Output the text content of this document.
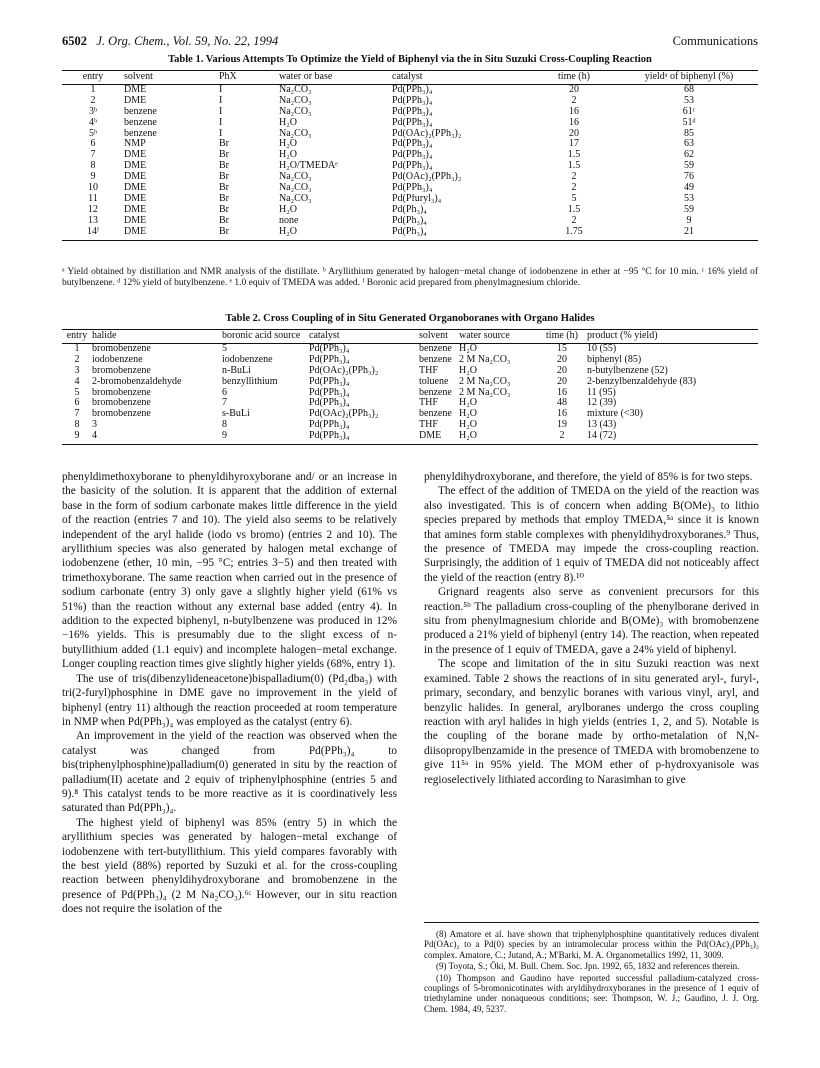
6502 J. Org. Chem., Vol. 59, No. 22, 1994	Communications
Table 1. Various Attempts To Optimize the Yield of Biphenyl via the in Situ Suzuki Cross-Coupling Reaction
entry	solvent	PhX	water or base	catalyst	time (h)	yieldᵃ of biphenyl (%)
1	DME	I	Na₂CO₃	Pd(PPh₃)₄	20	68
2	DME	I	Na₂CO₃	Pd(PPh₃)₄	2	53
3ᵇ	benzene	I	Na₂CO₃	Pd(PPh₃)₄	16	61ᶜ
4ᵇ	benzene	I	H₂O	Pd(PPh₃)₄	16	51ᵈ
5ᵇ	benzene	I	Na₂CO₃	Pd(OAc)₂(PPh₃)₂	20	85
6	NMP	Br	H₂O	Pd(PPh₃)₄	17	63
7	DME	Br	H₂O	Pd(PPh₃)₄	1.5	62
8	DME	Br	H₂O/TMEDAᵉ	Pd(PPh₃)₄	1.5	59
9	DME	Br	Na₂CO₃	Pd(OAc)₂(PPh₃)₂	2	76
10	DME	Br	Na₂CO₃	Pd(PPh₃)₄	2	49
11	DME	Br	Na₂CO₃	Pd(Pfuryl₃)₄	5	53
12	DME	Br	H₂O	Pd(Ph₃)₄	1.5	59
13	DME	Br	none	Pd(Ph₃)₄	2	9
14ᶠ	DME	Br	H₂O	Pd(Ph₃)₄	1.75	21
ᵃ Yield obtained by distillation and NMR analysis of the distillate. ᵇ Aryllithium generated by halogen−metal change of iodobenzene in ether at −95 °C for 10 min. ᶜ 16% yield of butylbenzene. ᵈ 12% yield of butylbenzene. ᵉ 1.0 equiv of TMEDA was added. ᶠ Boronic acid prepared from phenylmagnesium chloride.
Table 2. Cross Coupling of in Situ Generated Organoboranes with Organo Halides
entry	halide	boronic acid source	catalyst	solvent	water source	time (h)	product (% yield)
1	bromobenzene	5	Pd(PPh₃)₄	benzene	H₂O	15	10 (55)
2	iodobenzene	iodobenzene	Pd(PPh₃)₄	benzene	2 M Na₂CO₃	20	biphenyl (85)
3	bromobenzene	n-BuLi	Pd(OAc)₂(PPh₃)₂	THF	H₂O	20	n-butylbenzene (52)
4	2-bromobenzaldehyde	benzyllithium	Pd(PPh₃)₄	toluene	2 M Na₂CO₃	20	2-benzylbenzaldehyde (83)
5	bromobenzene	6	Pd(PPh₃)₄	benzene	2 M Na₂CO₃	16	11 (95)
6	bromobenzene	7	Pd(PPh₃)₄	THF	H₂O	48	12 (39)
7	bromobenzene	s-BuLi	Pd(OAc)₂(PPh₃)₂	benzene	H₂O	16	mixture (<30)
8	3	8	Pd(PPh₃)₄	THF	H₂O	19	13 (43)
9	4	9	Pd(PPh₃)₄	DME	H₂O	2	14 (72)

phenyldimethoxyborane to phenyldihyroxyborane and/ or an increase in the basicity of the solution. It is apparent that the addition of external base in the form of sodium carbonate makes little difference in the yield of the reaction (entries 7 and 10). The yield also seems to be relatively independent of the aryl halide (iodo vs bromo) (entries 2 and 10). The aryllithium species was also generated by halogen metal exchange of iodobenzene (ether, 10 min, −95 °C; entries 3−5) and then treated with trimethoxyborane. The same reaction when carried out in the presence of sodium carbonate (entry 3) only gave a slightly higher yield (61% vs 51%) than the reaction without any external base added (entry 4). In addition to the expected biphenyl, n-butylbenzene was produced in 12%−16% yields. This is presumably due to the slight excess of n-butyllithium added (1.1 equiv) and incomplete halogen−metal exchange. Longer coupling reaction times give slightly higher yields (68%, entry 1).

The use of tris(dibenzylideneacetone)bispalladium(0) (Pd₂dba₃) with tri(2-furyl)phosphine in DME gave no improvement in the yield of biphenyl (entry 11) although the reaction proceeded at room temperature in NMP when Pd(PPh₃)₄ was employed as the catalyst (entry 6).

An improvement in the yield of the reaction was observed when the catalyst was changed from Pd(PPh₃)₄ to bis(triphenylphosphine)palladium(0) generated in situ by the reaction of palladium(II) acetate and 2 equiv of triphenylphosphine (entries 5 and 9).⁸ This catalyst tends to be more reactive as it is coordinatively less saturated than Pd(PPh₃)₄.

The highest yield of biphenyl was 85% (entry 5) in which the aryllithium species was generated by halogen−metal exchange of iodobenzene with tert-butyllithium. This yield compares favorably with the best yield (88%) reported by Suzuki et al. for the cross-coupling reaction between phenyldihydroxyborane and bromobenzene in the presence of Pd(PPh₃)₄ (2 M Na₂CO₃).⁶ᶜ However, our in situ reaction does not require the isolation of the

phenyldihydroxyborane, and therefore, the yield of 85% is for two steps.

The effect of the addition of TMEDA on the yield of the reaction was also investigated. This is of concern when adding B(OMe)₃ to lithio species prepared by methods that employ TMEDA,⁵ᵃ since it is known that amines form stable complexes with phenyldihydroxyboranes.⁹ Thus, the presence of TMEDA may impede the cross-coupling reaction. Surprisingly, the addition of 1 equiv of TMEDA did not noticeably affect the yield of the reaction (entry 8).¹⁰

Grignard reagents also serve as convenient precursors for this reaction.⁵ᵇ The palladium cross-coupling of the phenylborane derived in situ from phenylmagnesium chloride and B(OMe)₃ with bromobenzene produced a 21% yield of biphenyl (entry 14). The reaction, when repeated in the presence of 1 equiv of TMEDA, gave a 24% yield of biphenyl.

The scope and limitation of the in situ Suzuki reaction was next examined. Table 2 shows the reactions of in situ generated aryl-, furyl-, primary, secondary, and benzylic boranes with various vinyl, aryl, and benzylic halides. In general, arylboranes undergo the cross coupling reaction with aryl halides in high yields (entries 1, 2, and 5). Notable is the coupling of the borane made by ortho-metalation of N,N-diisopropylbenzamide in the presence of TMEDA with bromobenzene to give 11⁵ᵃ in 95% yield. The MOM ether of p-hydroxyanisole was regioselectively lithiated according to Narasimhan to give

(8) Amatore et al. have shown that triphenylphosphine quantitatively reduces divalent Pd(OAc)₂ to a Pd(0) species by an intramolecular process within the Pd(OAc)₂(PPh₃)₂ complex. Amatore, C.; Jutand, A.; M'Barki, M. A. Organometallics 1992, 11, 3009.

(9) Toyota, S.; Ōki, M. Bull. Chem. Soc. Jpn. 1992, 65, 1832 and references therein.

(10) Thompson and Gaudino have reported successful palladium-catalyzed cross-couplings of 5-bromonicotinates with aryldihydroxyboranes in the presence of 1 equiv of triethylamine under nonaqueous conditions; see: Thompson, W. J.; Gaudino, J. J. Org. Chem. 1984, 49, 5237.
